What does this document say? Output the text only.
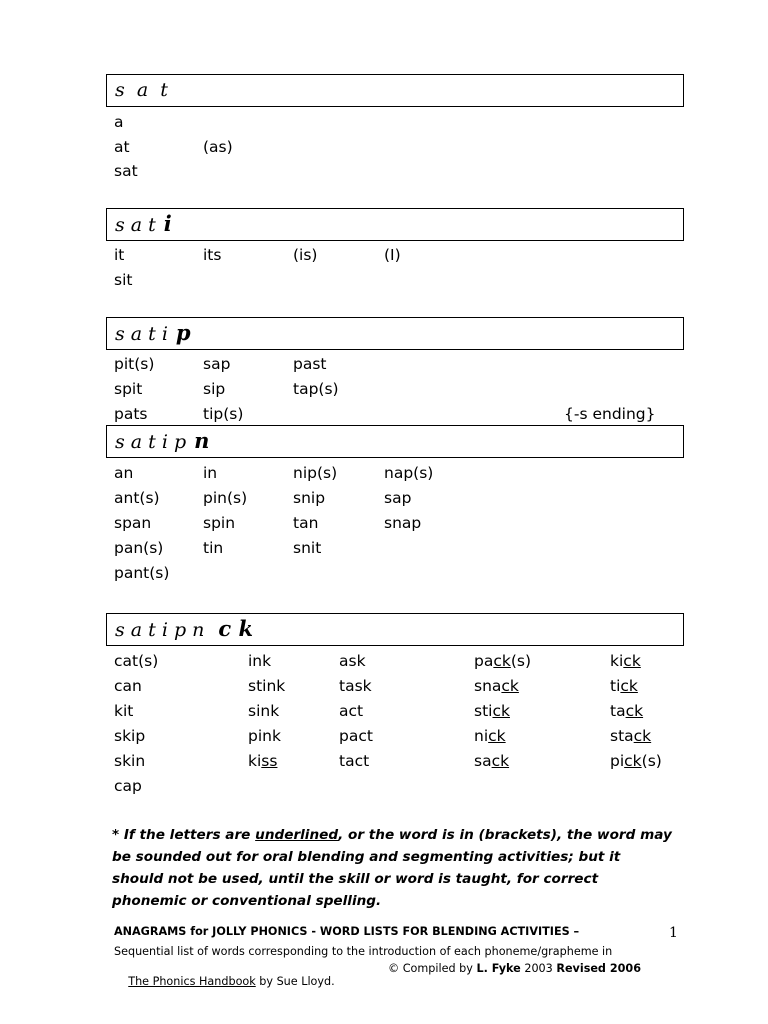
s  a  t
a
at	(as)
sat
s a t i
it	its	(is)	(I)
sit
s a t i p
pit(s)	sap	past
spit	sip	tap(s)
pats	tip(s)	{-s ending}
s a t i p n
an	in	nip(s)	nap(s)
ant(s)	pin(s)	snip	sap
span	spin	tan	snap
pan(s)	tin	snit
pant(s)
s a t i p n c k
cat(s)	ink	ask	pack(s)	kick
can	stink	task	snack	tick
kit	sink	act	stick	tack
skip	pink	pact	nick	stack
skin	kiss	tact	sack	pick(s)
cap
* If the letters are underlined, or the word is in (brackets), the word may be sounded out for oral blending and segmenting activities; but it should not be used, until the skill or word is taught, for correct phonemic or conventional spelling.
ANAGRAMS for JOLLY PHONICS - WORD LISTS FOR BLENDING ACTIVITIES –	1
Sequential list of words corresponding to the introduction of each phoneme/grapheme in

The Phonics Handbook by Sue Lloyd.

© Compiled by L. Fyke 2003 Revised 2006
